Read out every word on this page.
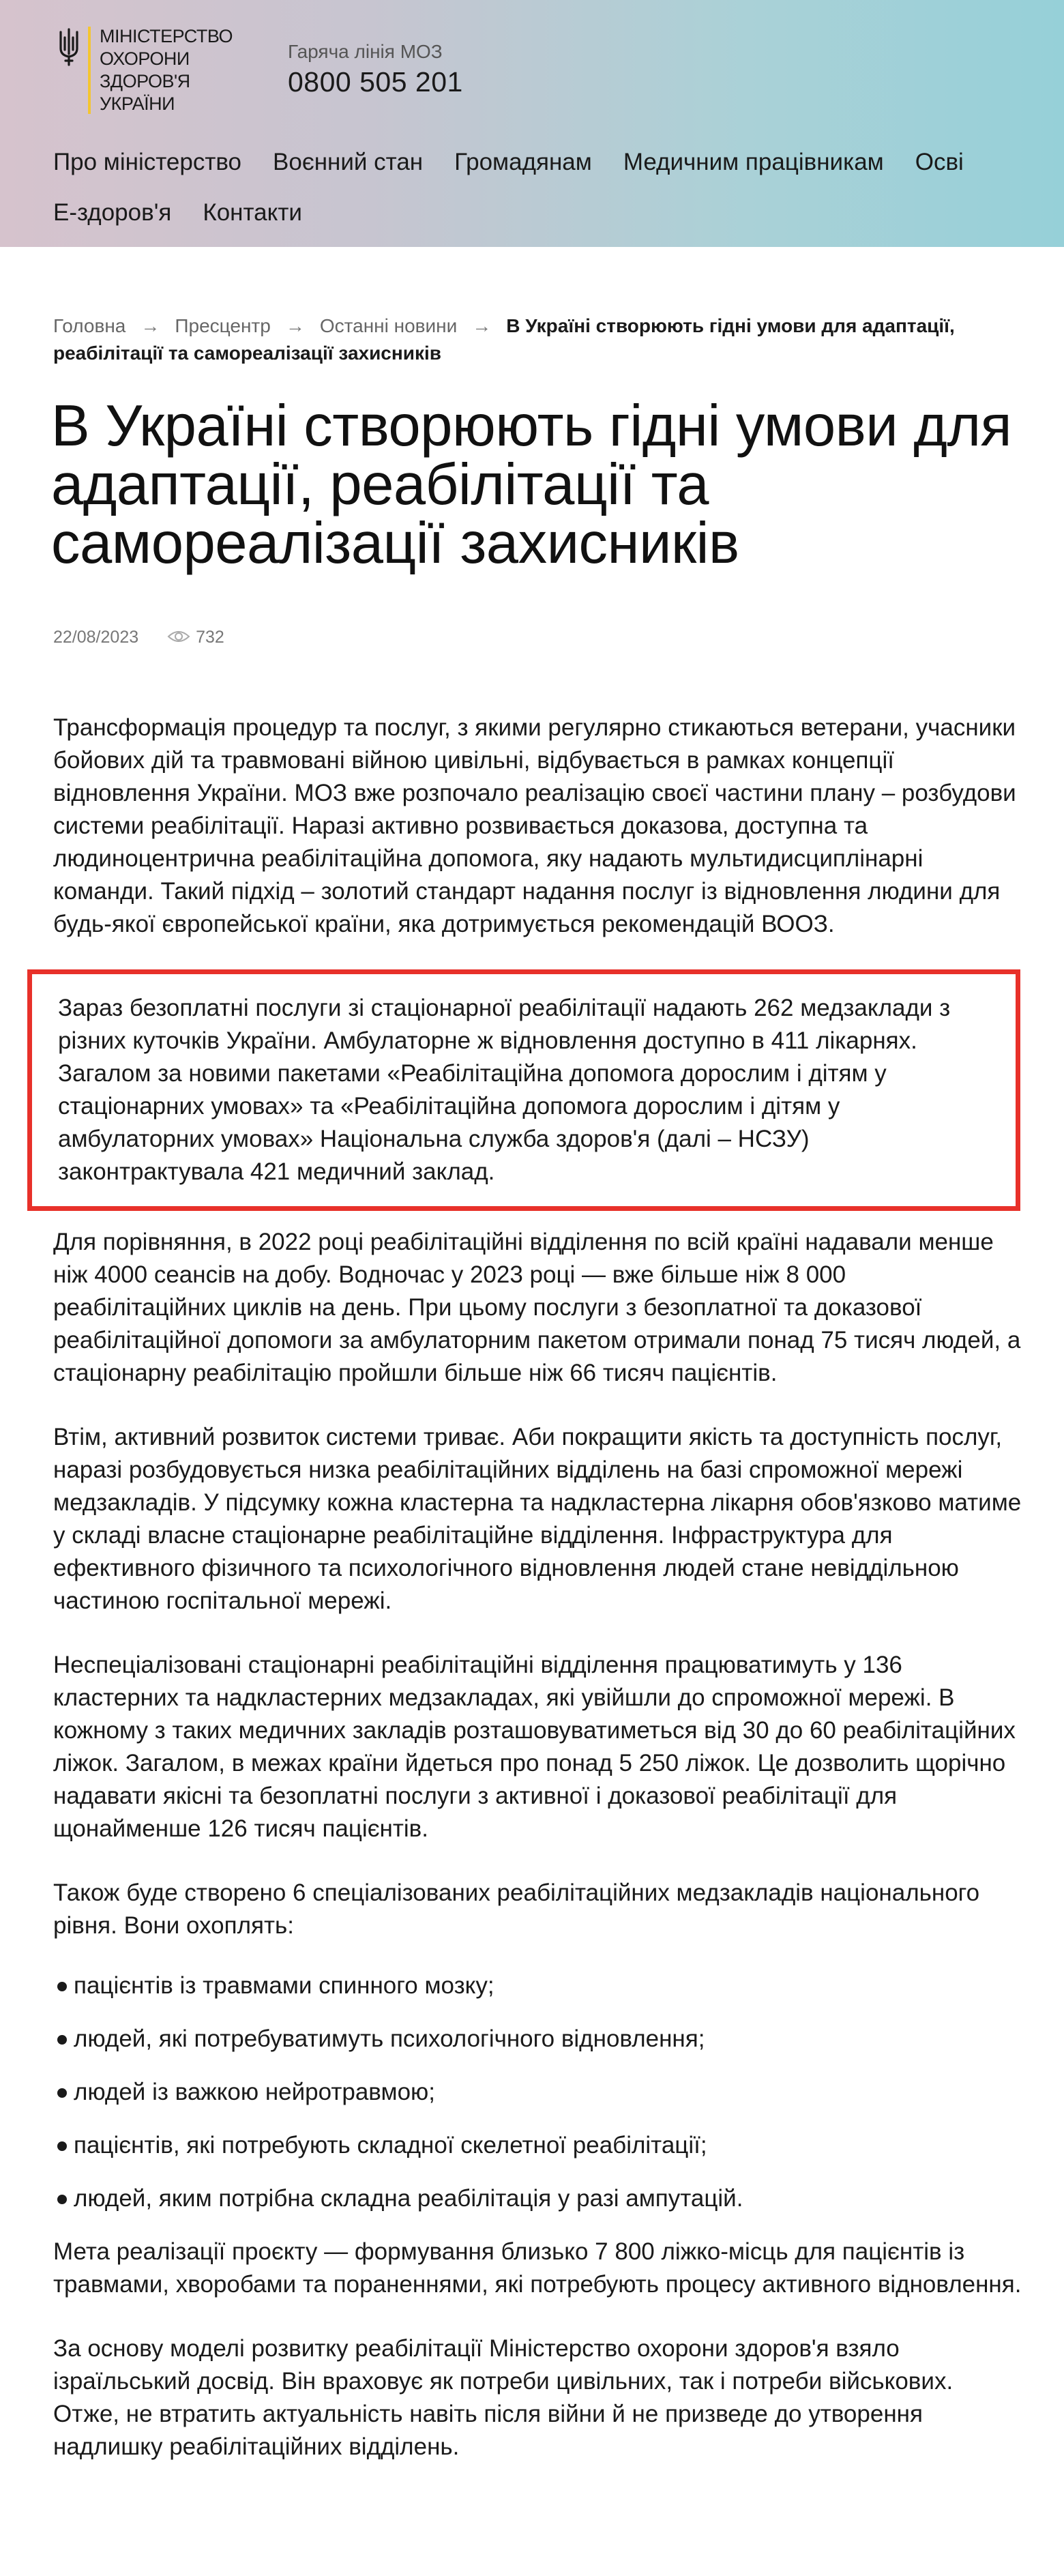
МІНІСТЕРСТВО
ОХОРОНИ
ЗДОРОВ'Я
УКРАЇНИ
Гаряча лінія МОЗ
0800 505 201
Про міністерство Воєнний стан Громадянам Медичним працівникам Осві
E-здоров'я Контакти
Головна → Пресцентр → Останні новини → В Україні створюють гідні умови для адаптації, реабілітації та самореалізації захисників
В Україні створюють гідні умови для адаптації, реабілітації та самореалізації захисників
22/08/2023	732

Трансформація процедур та послуг, з якими регулярно стикаються ветерани, учасники бойових дій та травмовані війною цивільні, відбувається в рамках концепції відновлення України. МОЗ вже розпочало реалізацію своєї частини плану – розбудови системи реабілітації. Наразі активно розвивається доказова, доступна та людиноцентрична реабілітаційна допомога, яку надають мультидисциплінарні команди. Такий підхід – золотий стандарт надання послуг із відновлення людини для будь-якої європейської країни, яка дотримується рекомендацій ВООЗ.

Зараз безоплатні послуги зі стаціонарної реабілітації надають 262 медзаклади з різних куточків України. Амбулаторне ж відновлення доступно в 411 лікарнях. Загалом за новими пакетами «Реабілітаційна допомога дорослим і дітям у стаціонарних умовах» та «Реабілітаційна допомога дорослим і дітям у амбулаторних умовах» Національна служба здоров'я (далі – НСЗУ) законтрактувала 421 медичний заклад.

Для порівняння, в 2022 році реабілітаційні відділення по всій країні надавали менше ніж 4000 сеансів на добу. Водночас у 2023 році — вже більше ніж 8 000 реабілітаційних циклів на день. При цьому послуги з безоплатної та доказової реабілітаційної допомоги за амбулаторним пакетом отримали понад 75 тисяч людей, а стаціонарну реабілітацію пройшли більше ніж 66 тисяч пацієнтів.

Втім, активний розвиток системи триває. Аби покращити якість та доступність послуг, наразі розбудовується низка реабілітаційних відділень на базі спроможної мережі медзакладів. У підсумку кожна кластерна та надкластерна лікарня обов'язково матиме у складі власне стаціонарне реабілітаційне відділення. Інфраструктура для ефективного фізичного та психологічного відновлення людей стане невіддільною частиною госпітальної мережі.

Неспеціалізовані стаціонарні реабілітаційні відділення працюватимуть у 136 кластерних та надкластерних медзакладах, які увійшли до спроможної мережі. В кожному з таких медичних закладів розташовуватиметься від 30 до 60 реабілітаційних ліжок. Загалом, в межах країни йдеться про понад 5 250 ліжок. Це дозволить щорічно надавати якісні та безоплатні послуги з активної і доказової реабілітації для щонайменше 126 тисяч пацієнтів.

Також буде створено 6 спеціалізованих реабілітаційних медзакладів національного рівня. Вони охоплять:

пацієнтів із травмами спинного мозку;
людей, які потребуватимуть психологічного відновлення;
людей із важкою нейротравмою;
пацієнтів, які потребують складної скелетної реабілітації;
людей, яким потрібна складна реабілітація у разі ампутацій.

Мета реалізації проєкту — формування близько 7 800 ліжко-місць для пацієнтів із травмами, хворобами та пораненнями, які потребують процесу активного відновлення.

За основу моделі розвитку реабілітації Міністерство охорони здоров'я взяло ізраїльський досвід. Він враховує як потреби цивільних, так і потреби військових. Отже, не втратить актуальність навіть після війни й не призведе до утворення надлишку реабілітаційних відділень.
